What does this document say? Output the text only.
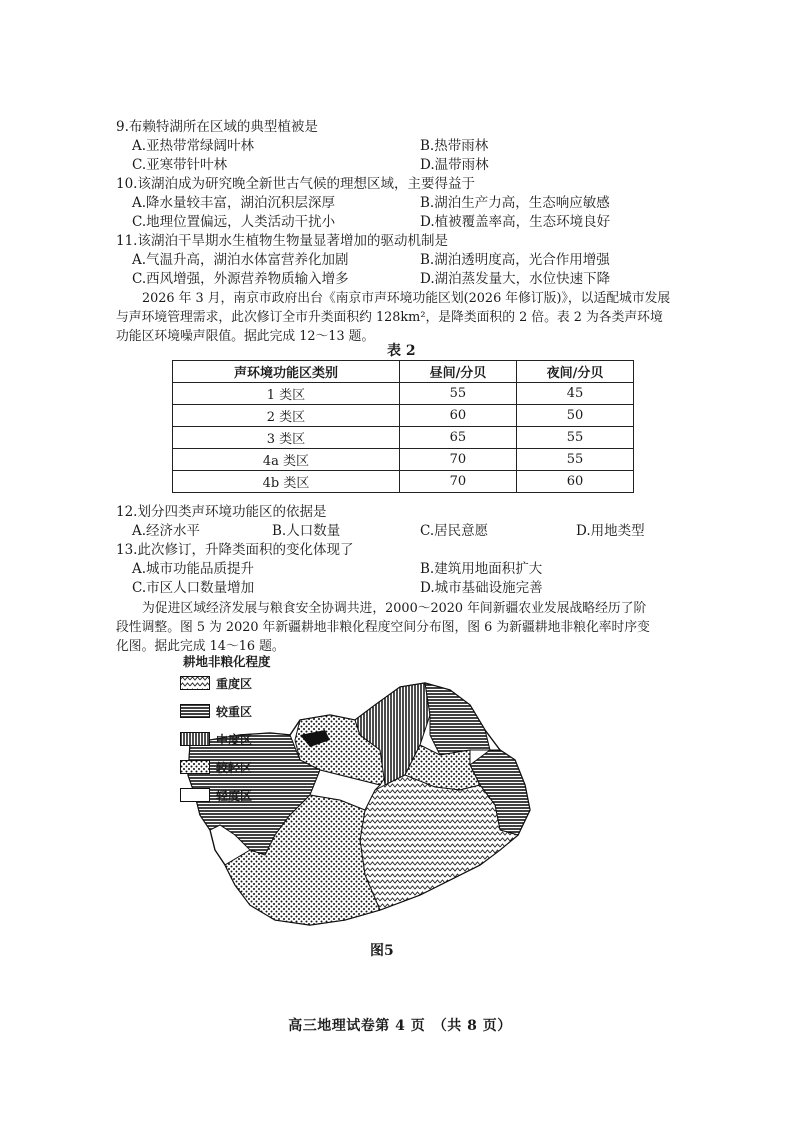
9.布赖特湖所在区域的典型植被是
A.亚热带常绿阔叶林	B.热带雨林
C.亚寒带针叶林	D.温带雨林
10.该湖泊成为研究晚全新世古气候的理想区域，主要得益于
A.降水量较丰富，湖泊沉积层深厚	B.湖泊生产力高，生态响应敏感
C.地理位置偏远，人类活动干扰小	D.植被覆盖率高，生态环境良好
11.该湖泊干旱期水生植物生物量显著增加的驱动机制是
A.气温升高，湖泊水体富营养化加剧	B.湖泊透明度高，光合作用增强
C.西风增强，外源营养物质输入增多	D.湖泊蒸发量大，水位快速下降
2026 年 3 月，南京市政府出台《南京市声环境功能区划(2026 年修订版)》，以适配城市发展
与声环境管理需求，此次修订全市升类面积约 128km²，是降类面积的 2 倍。表 2 为各类声环境
功能区环境噪声限值。据此完成 12～13 题。
表 2
声环境功能区类别	昼间/分贝	夜间/分贝
1 类区	55	45
2 类区	60	50
3 类区	65	55
4a 类区	70	55
4b 类区	70	60
12.划分四类声环境功能区的依据是
A.经济水平	B.人口数量	C.居民意愿	D.用地类型
13.此次修订，升降类面积的变化体现了
A.城市功能品质提升	B.建筑用地面积扩大
C.市区人口数量增加	D.城市基础设施完善
为促进区域经济发展与粮食安全协调共进，2000～2020 年间新疆农业发展战略经历了阶
段性调整。图 5 为 2020 年新疆耕地非粮化程度空间分布图，图 6 为新疆耕地非粮化率时序变
化图。据此完成 14～16 题。
耕地非粮化程度
重度区
较重区
中度区
较轻区
轻度区
图5
高三地理试卷第 4 页　（共 8 页）
